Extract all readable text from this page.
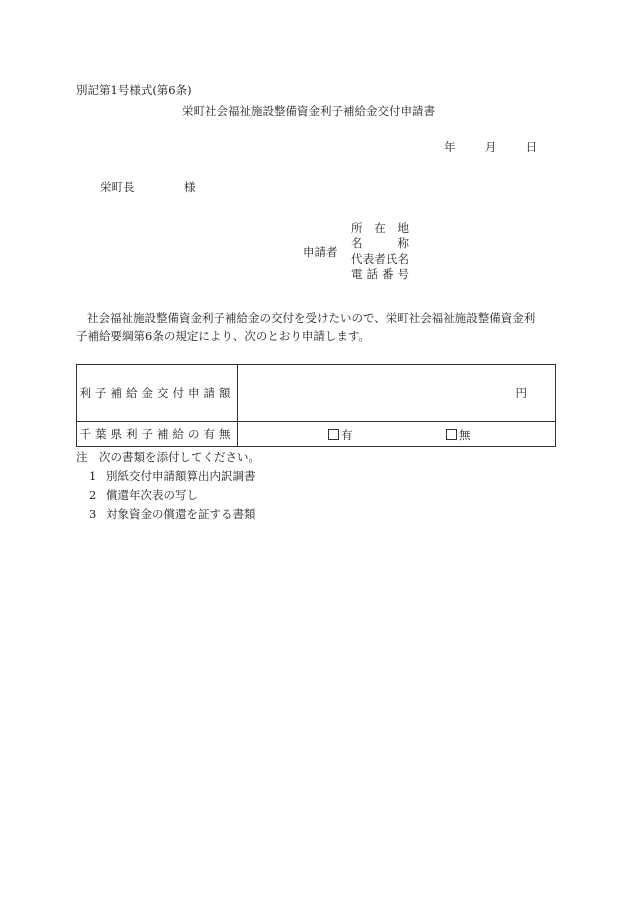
別記第1号様式(第6条)
栄町社会福祉施設整備資金利子補給金交付申請書
年	月	日
栄町長	様
申請者
所　在　地
名　　　称
代表者氏名
電 話 番 号
社会福祉施設整備資金利子補給金の交付を受けたいので、栄町社会福祉施設整備資金利
子補給要綱第6条の規定により、次のとおり申請します。
利子補給金交付申請額	円
千葉県利子補給の有無	有 無
注　次の書類を添付してください。
1 別紙交付申請額算出内訳調書
2 償還年次表の写し
3 対象資金の償還を証する書類
